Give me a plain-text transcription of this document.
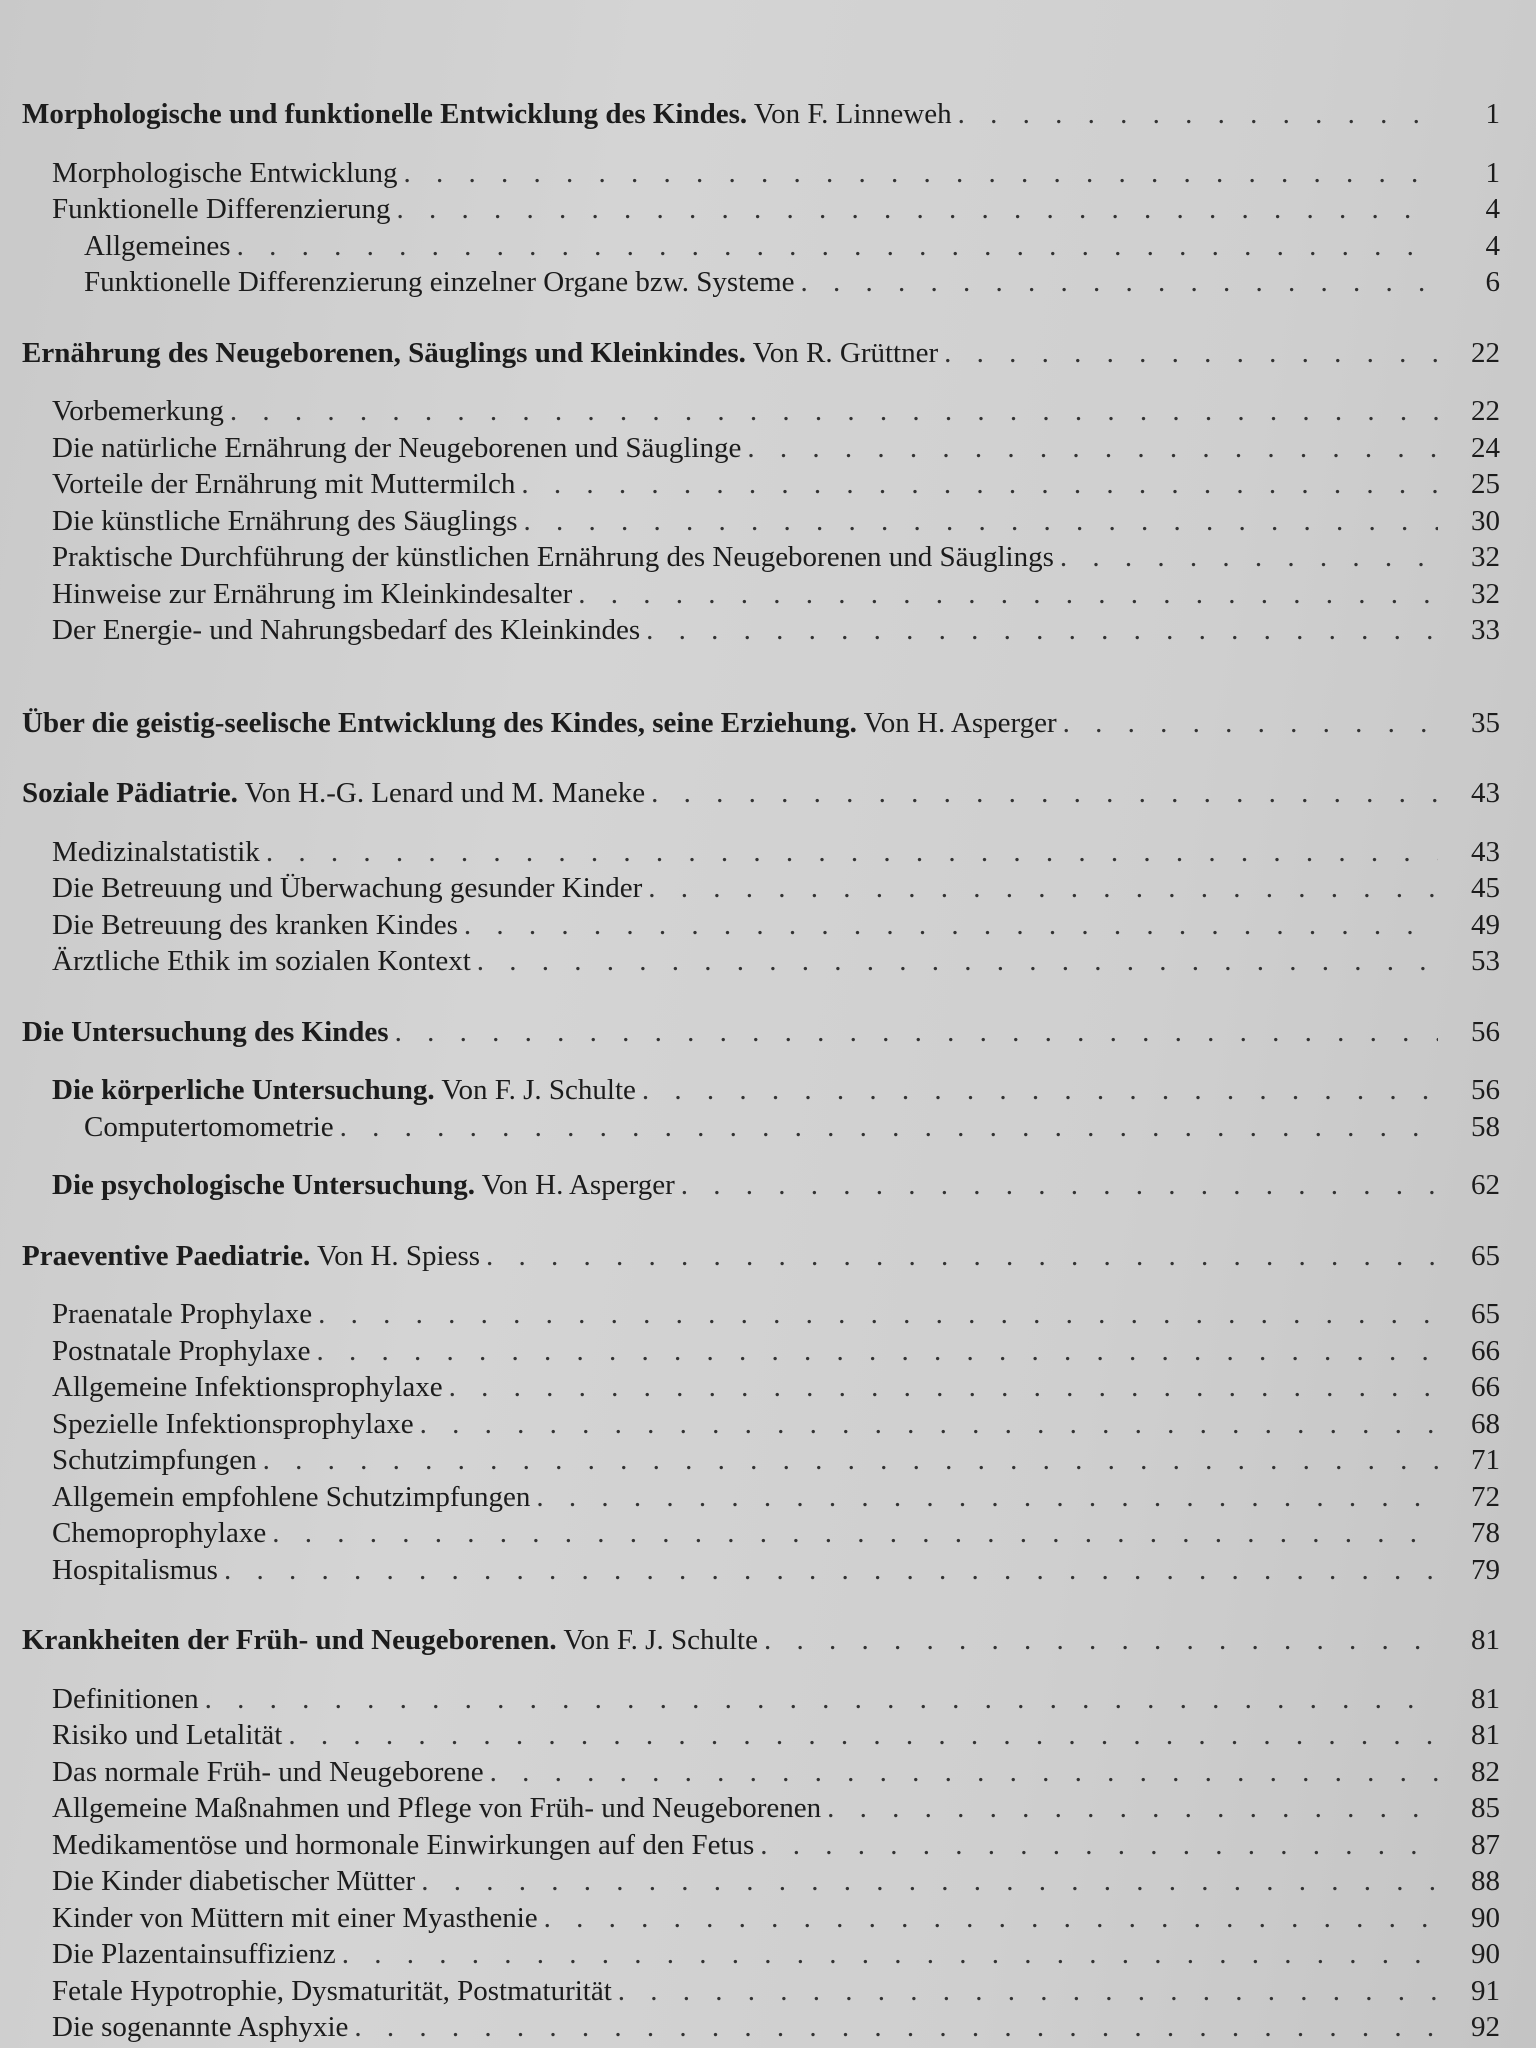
Morphologische und funktionelle Entwicklung des Kindes. Von F. Linneweh . . .	1
Morphologische Entwicklung . . .	1
Funktionelle Differenzierung . . .	4
Allgemeines . . .	4
Funktionelle Differenzierung einzelner Organe bzw. Systeme . . .	6
Ernährung des Neugeborenen, Säuglings und Kleinkindes. Von R. Grüttner . . .	22
Vorbemerkung . . .	22
Die natürliche Ernährung der Neugeborenen und Säuglinge . . .	24
Vorteile der Ernährung mit Muttermilch . . .	25
Die künstliche Ernährung des Säuglings . . .	30
Praktische Durchführung der künstlichen Ernährung des Neugeborenen und Säuglings . . .	32
Hinweise zur Ernährung im Kleinkindesalter . . .	32
Der Energie- und Nahrungsbedarf des Kleinkindes . . .	33
Über die geistig-seelische Entwicklung des Kindes, seine Erziehung. Von H. Asperger . . .	35
Soziale Pädiatrie. Von H.-G. Lenard und M. Maneke . . .	43
Medizinalstatistik . . .	43
Die Betreuung und Überwachung gesunder Kinder . . .	45
Die Betreuung des kranken Kindes . . .	49
Ärztliche Ethik im sozialen Kontext . . .	53
Die Untersuchung des Kindes . . .	56
Die körperliche Untersuchung. Von F. J. Schulte . . .	56
Computertomometrie . . .	58
Die psychologische Untersuchung. Von H. Asperger . . .	62
Praeventive Paediatrie. Von H. Spiess . . .	65
Praenatale Prophylaxe . . .	65
Postnatale Prophylaxe . . .	66
Allgemeine Infektionsprophylaxe . . .	66
Spezielle Infektionsprophylaxe . . .	68
Schutzimpfungen . . .	71
Allgemein empfohlene Schutzimpfungen . . .	72
Chemoprophylaxe . . .	78
Hospitalismus . . .	79
Krankheiten der Früh- und Neugeborenen. Von F. J. Schulte . . .	81
Definitionen . . .	81
Risiko und Letalität . . .	81
Das normale Früh- und Neugeborene . . .	82
Allgemeine Maßnahmen und Pflege von Früh- und Neugeborenen . . .	85
Medikamentöse und hormonale Einwirkungen auf den Fetus . . .	87
Die Kinder diabetischer Mütter . . .	88
Kinder von Müttern mit einer Myasthenie . . .	90
Die Plazentainsuffizienz . . .	90
Fetale Hypotrophie, Dysmaturität, Postmaturität . . .	91
Die sogenannte Asphyxie . . .	92
